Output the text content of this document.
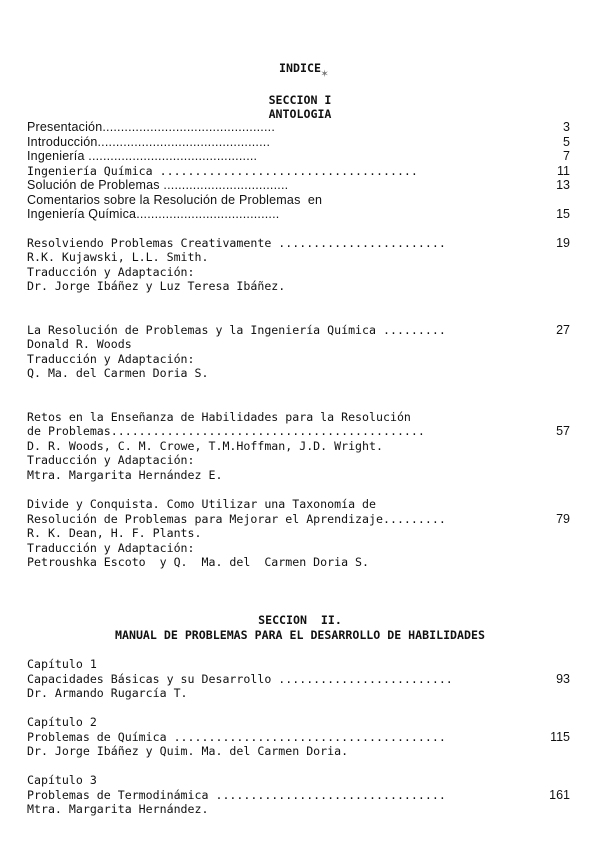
INDICE ✶
SECCION I
ANTOLOGIA
Presentación...............................................	3
Introducción...............................................	5
Ingeniería ..............................................	7
Ingeniería Química .....................................	11
Solución de Problemas ..................................	13
Comentarios sobre la Resolución de Problemas  en
Ingeniería Química.......................................	15
Resolviendo Problemas Creativamente ........................	19
R.K. Kujawski, L.L. Smith.
Traducción y Adaptación:
Dr. Jorge Ibáñez y Luz Teresa Ibáñez.
La Resolución de Problemas y la Ingeniería Química .........	27
Donald R. Woods
Traducción y Adaptación:
Q. Ma. del Carmen Doria S.
Retos en la Enseñanza de Habilidades para la Resolución
de Problemas.............................................	57
D. R. Woods, C. M. Crowe, T.M.Hoffman, J.D. Wright.
Traducción y Adaptación:
Mtra. Margarita Hernández E.
Divide y Conquista. Como Utilizar una Taxonomía de
Resolución de Problemas para Mejorar el Aprendizaje.........	79
R. K. Dean, H. F. Plants.
Traducción y Adaptación:
Petroushka Escoto  y Q.  Ma. del  Carmen Doria S.
SECCION  II.
MANUAL DE PROBLEMAS PARA EL DESARROLLO DE HABILIDADES
Capítulo 1
Capacidades Básicas y su Desarrollo .........................	93
Dr. Armando Rugarcía T.
Capítulo 2
Problemas de Química .......................................	115
Dr. Jorge Ibáñez y Quim. Ma. del Carmen Doria.
Capítulo 3
Problemas de Termodinámica .................................	161
Mtra. Margarita Hernández.
